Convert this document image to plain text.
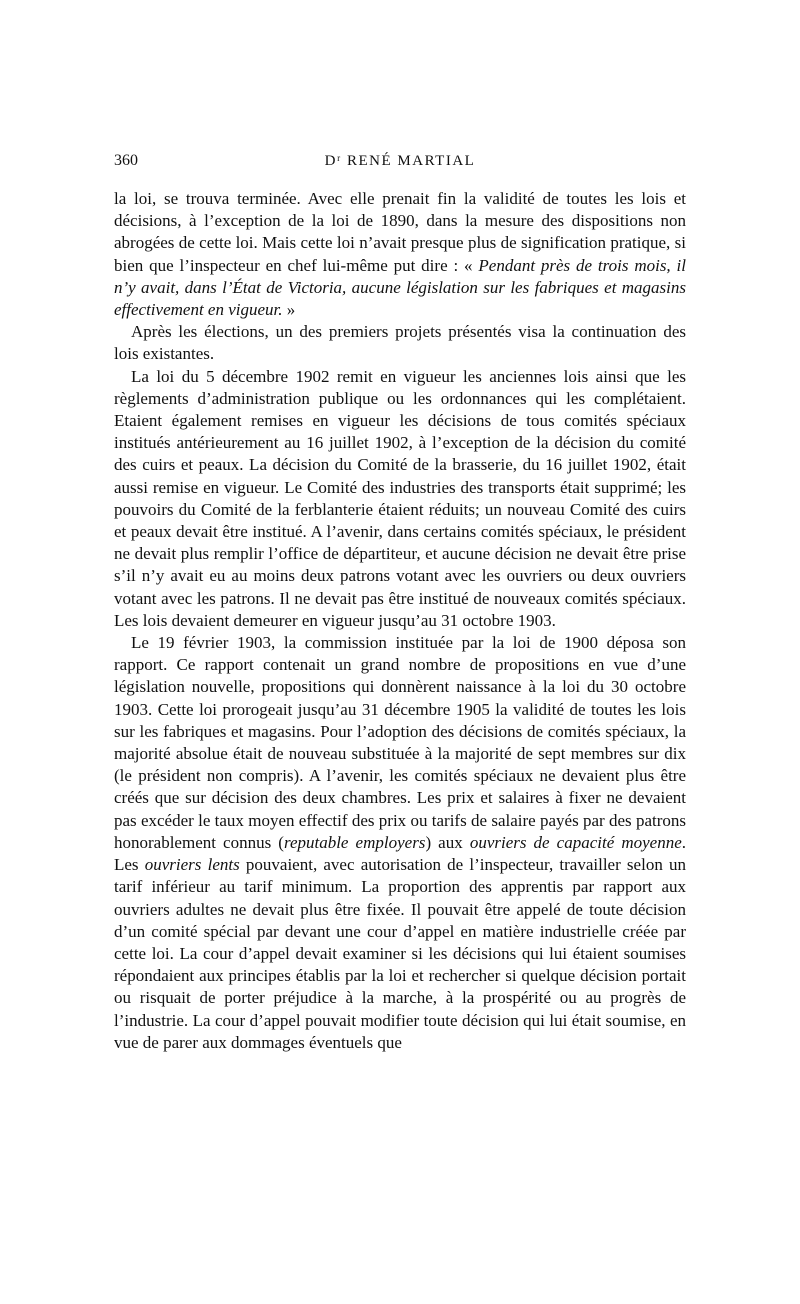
360	Dʳ RENÉ MARTIAL

la loi, se trouva terminée. Avec elle prenait fin la validité de toutes les lois et décisions, à l’exception de la loi de 1890, dans la mesure des dispositions non abrogées de cette loi. Mais cette loi n’avait presque plus de signification pratique, si bien que l’inspecteur en chef lui-même put dire : « Pendant près de trois mois, il n’y avait, dans l’État de Victoria, aucune législation sur les fabriques et magasins effectivement en vigueur. »

Après les élections, un des premiers projets présentés visa la continuation des lois existantes.

La loi du 5 décembre 1902 remit en vigueur les anciennes lois ainsi que les règlements d’administration publique ou les ordonnances qui les complétaient. Etaient également remises en vigueur les décisions de tous comités spéciaux institués antérieurement au 16 juillet 1902, à l’exception de la décision du comité des cuirs et peaux. La décision du Comité de la brasserie, du 16 juillet 1902, était aussi remise en vigueur. Le Comité des industries des transports était supprimé; les pouvoirs du Comité de la ferblanterie étaient réduits; un nouveau Comité des cuirs et peaux devait être institué. A l’avenir, dans certains comités spéciaux, le président ne devait plus remplir l’office de départiteur, et aucune décision ne devait être prise s’il n’y avait eu au moins deux patrons votant avec les ouvriers ou deux ouvriers votant avec les patrons. Il ne devait pas être institué de nouveaux comités spéciaux. Les lois devaient demeurer en vigueur jusqu’au 31 octobre 1903.

Le 19 février 1903, la commission instituée par la loi de 1900 déposa son rapport. Ce rapport contenait un grand nombre de propositions en vue d’une législation nouvelle, propositions qui donnèrent naissance à la loi du 30 octobre 1903. Cette loi prorogeait jusqu’au 31 décembre 1905 la validité de toutes les lois sur les fabriques et magasins. Pour l’adoption des décisions de comités spéciaux, la majorité absolue était de nouveau substituée à la majorité de sept membres sur dix (le président non compris). A l’avenir, les comités spéciaux ne devaient plus être créés que sur décision des deux chambres. Les prix et salaires à fixer ne devaient pas excéder le taux moyen effectif des prix ou tarifs de salaire payés par des patrons honorablement connus (reputable employers) aux ouvriers de capacité moyenne. Les ouvriers lents pouvaient, avec autorisation de l’inspecteur, travailler selon un tarif inférieur au tarif minimum. La proportion des apprentis par rapport aux ouvriers adultes ne devait plus être fixée. Il pouvait être appelé de toute décision d’un comité spécial par devant une cour d’appel en matière industrielle créée par cette loi. La cour d’appel devait examiner si les décisions qui lui étaient soumises répondaient aux principes établis par la loi et rechercher si quelque décision portait ou risquait de porter préjudice à la marche, à la prospérité ou au progrès de l’industrie. La cour d’appel pouvait modifier toute décision qui lui était soumise, en vue de parer aux dommages éventuels que
